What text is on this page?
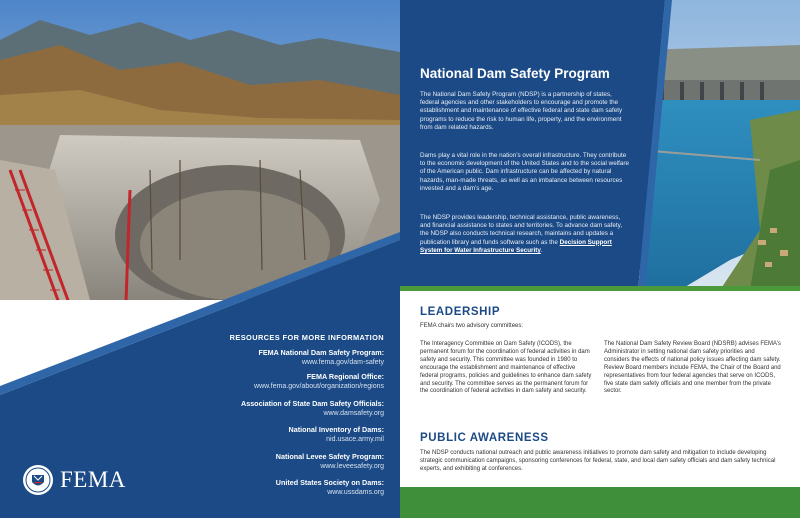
National Dam Safety Program

The National Dam Safety Program (NDSP) is a partnership of states, federal agencies and other stakeholders to encourage and promote the establishment and maintenance of effective federal and state dam safety programs to reduce the risk to human life, property, and the environment from dam related hazards.

Dams play a vital role in the nation’s overall infrastructure. They contribute to the economic development of the United States and to the social welfare of the American public. Dam infrastructure can be affected by natural hazards, man-made threats, as well as an imbalance between resources invested and a dam’s age.

The NDSP provides leadership, technical assistance, public awareness, and financial assistance to states and territories. To advance dam safety, the NDSP also conducts technical research, maintains and updates a publication library and funds software such as the Decision Support System for Water Infrastructure Security.

RESOURCES FOR MORE INFORMATION
FEMA National Dam Safety Program:
www.fema.gov/dam-safety
FEMA Regional Office:
www.fema.gov/about/organization/regions
Association of State Dam Safety Officials:
www.damsafety.org
National Inventory of Dams:
nid.usace.army.mil
National Levee Safety Program:
www.leveesafety.org
United States Society on Dams:
www.ussdams.org
FEMA
LEADERSHIP

FEMA chairs two advisory committees:

The Interagency Committee on Dam Safety (ICODS), the permanent forum for the coordination of federal activities in dam safety and security. This committee was founded in 1980 to encourage the establishment and maintenance of effective federal programs, policies and guidelines to enhance dam safety and security. The committee serves as the permanent forum for the coordination of federal activities in dam safety and security.

The National Dam Safety Review Board (NDSRB) advises FEMA’s Administrator in setting national dam safety priorities and considers the effects of national policy issues affecting dam safety. Review Board members include FEMA, the Chair of the Board and representatives from four federal agencies that serve on ICODS, five state dam safety officials and one member from the private sector.

PUBLIC AWARENESS

The NDSP conducts national outreach and public awareness initiatives to promote dam safety and mitigation to include developing strategic communication campaigns, sponsoring conferences for federal, state, and local dam safety officials and dam safety technical experts, and exhibiting at conferences.
